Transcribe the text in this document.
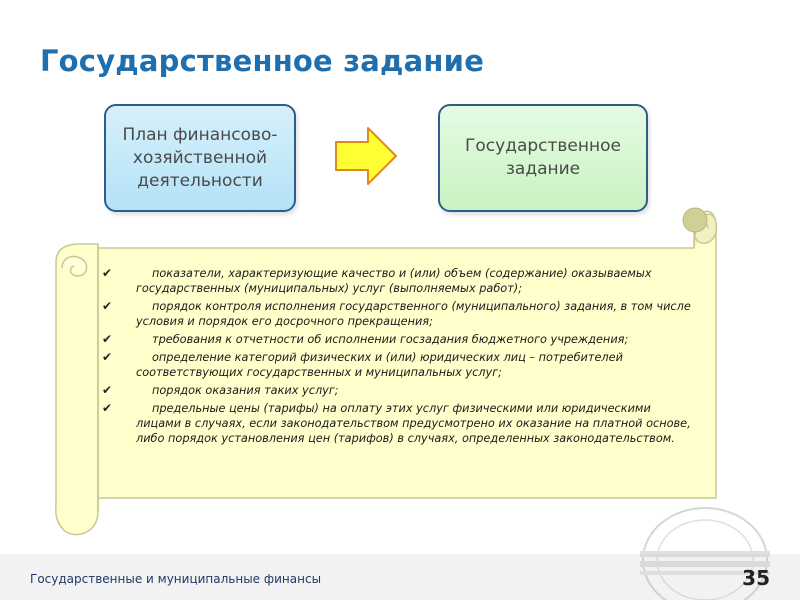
Государственное задание
План финансово-хозяйственной деятельности
Государственное задание
✔	показатели, характеризующие качество и (или) объем (содержание) оказываемых государственных (муниципальных) услуг (выполняемых работ);
✔	порядок контроля исполнения государственного (муниципального) задания, в том числе условия и порядок его досрочного прекращения;
✔	требования к отчетности об исполнении госзадания бюджетного учреждения;
✔	определение категорий физических и (или) юридических лиц – потребителей соответствующих государственных и муниципальных услуг;
✔	порядок оказания таких услуг;
✔	предельные цены (тарифы) на оплату этих услуг физическими или юридическими лицами в случаях, если законодательством предусмотрено их оказание на платной основе, либо порядок установления цен (тарифов) в случаях, определенных законодательством.
Государственные и муниципальные финансы	35
